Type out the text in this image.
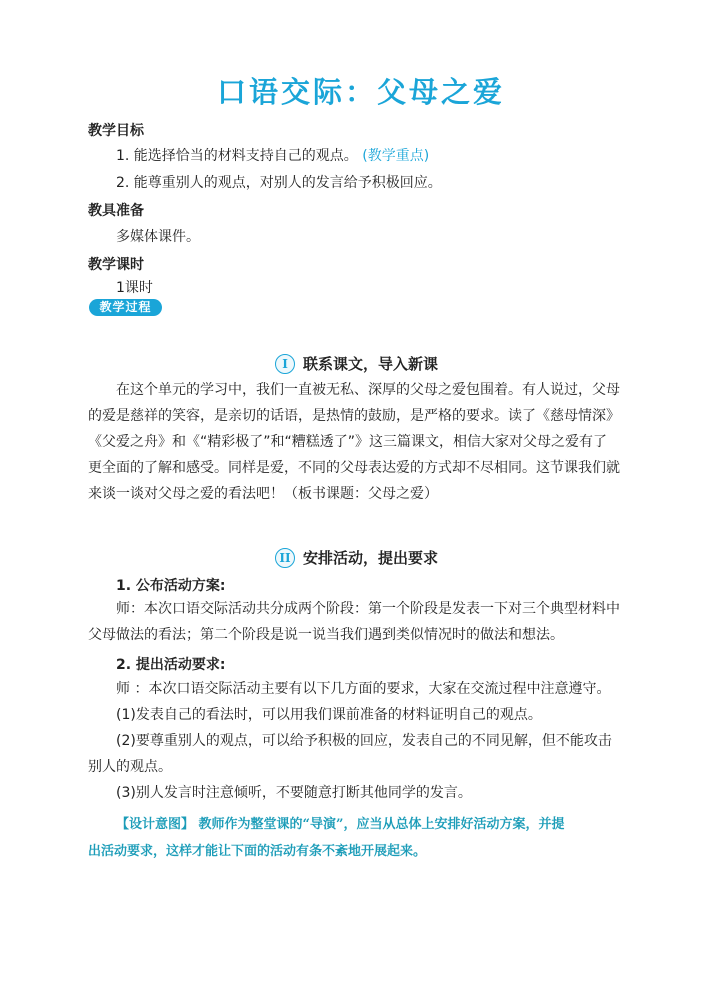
口语交际：父母之爱
教学目标
1. 能选择恰当的材料支持自己的观点。 (教学重点)
2. 能尊重别人的观点，对别人的发言给予积极回应。
教具准备
多媒体课件。
教学课时
1课时
教学过程
I	联系课文，导入新课
在这个单元的学习中，我们一直被无私、深厚的父母之爱包围着。有人说过，父母
的爱是慈祥的笑容，是亲切的话语，是热情的鼓励，是严格的要求。读了《慈母情深》
《父爱之舟》和《“精彩极了”和“糟糕透了”》这三篇课文，相信大家对父母之爱有了
更全面的了解和感受。同样是爱，不同的父母表达爱的方式却不尽相同。这节课我们就
来谈一谈对父母之爱的看法吧！（板书课题：父母之爱）
II 安排活动，提出要求
1. 公布活动方案:
师：本次口语交际活动共分成两个阶段：第一个阶段是发表一下对三个典型材料中
父母做法的看法；第二个阶段是说一说当我们遇到类似情况时的做法和想法。
2. 提出活动要求:
师 ：本次口语交际活动主要有以下几方面的要求，大家在交流过程中注意遵守。
(1)发表自己的看法时，可以用我们课前准备的材料证明自己的观点。
(2)要尊重别人的观点，可以给予积极的回应，发表自己的不同见解，但不能攻击
别人的观点。
(3)别人发言时注意倾听，不要随意打断其他同学的发言。
【设计意图】 教师作为整堂课的“导演”，应当从总体上安排好活动方案，并提
出活动要求，这样才能让下面的活动有条不紊地开展起来。
